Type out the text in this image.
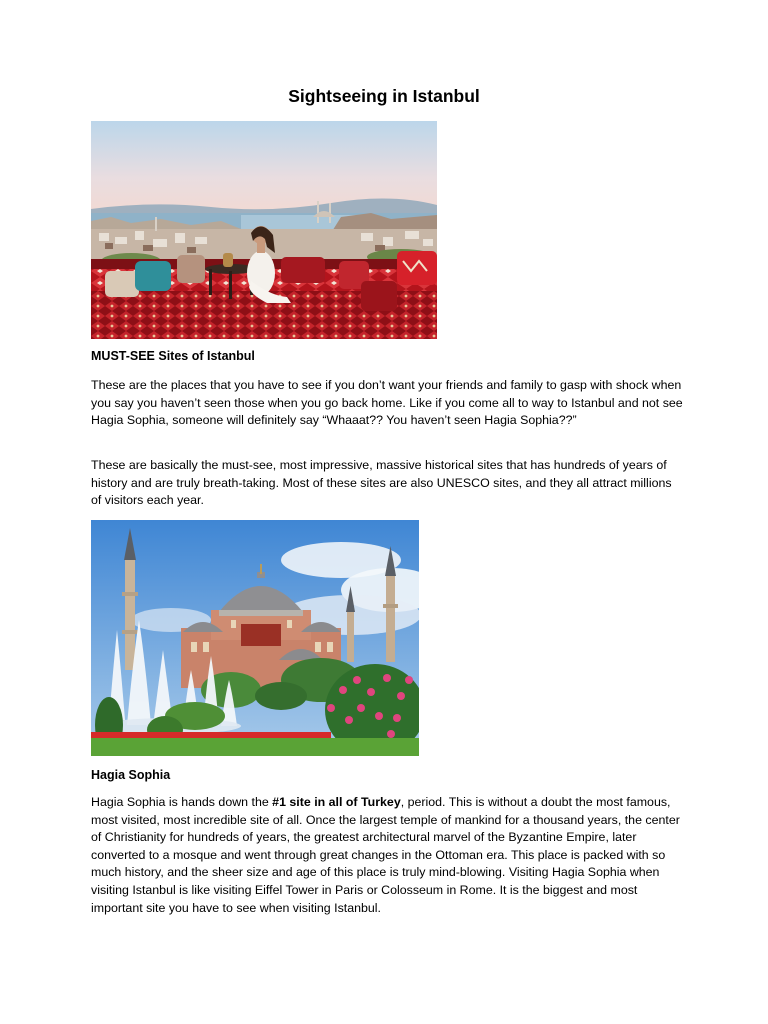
Sightseeing in Istanbul
MUST-SEE Sites of Istanbul

These are the places that you have to see if you don’t want your friends and family to gasp with shock when you say you haven’t seen those when you go back home. Like if you come all to way to Istanbul and not see Hagia Sophia, someone will definitely say “Whaaat?? You haven’t seen Hagia Sophia??”

These are basically the must-see, most impressive, massive historical sites that has hundreds of years of history and are truly breath-taking. Most of these sites are also UNESCO sites, and they all attract millions of visitors each year.

Hagia Sophia

Hagia Sophia is hands down the #1 site in all of Turkey, period. This is without a doubt the most famous, most visited, most incredible site of all. Once the largest temple of mankind for a thousand years, the center of Christianity for hundreds of years, the greatest architectural marvel of the Byzantine Empire, later converted to a mosque and went through great changes in the Ottoman era. This place is packed with so much history, and the sheer size and age of this place is truly mind-blowing. Visiting Hagia Sophia when visiting Istanbul is like visiting Eiffel Tower in Paris or Colosseum in Rome. It is the biggest and most important site you have to see when visiting Istanbul.
